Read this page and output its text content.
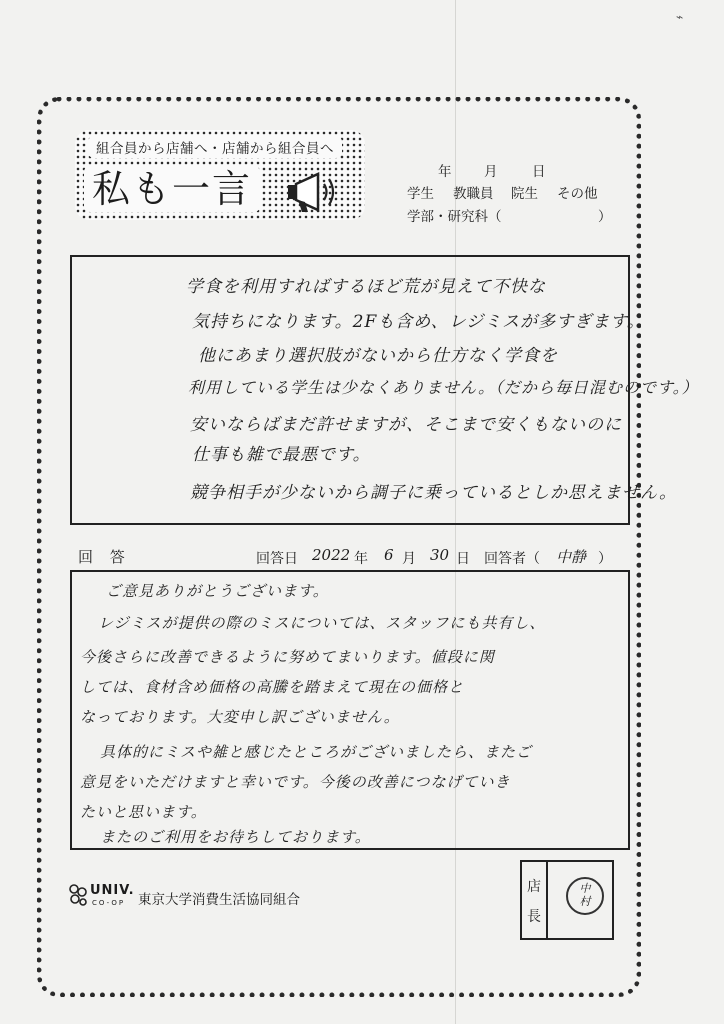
⌁
組合員から店舗へ・店舗から組合員へ
私も一言	年 月	日
学生 教職員 院生 その他
学部・研究科（	）
学食を利用すればするほど荒が見えて不快な
気持ちになります。2Fも含め、レジミスが多すぎます。
他にあまり選択肢がないから仕方なく学食を
利用している学生は少なくありません。（だから毎日混むのです。）
安いならばまだ許せますが、そこまで安くもないのに
仕事も雑で最悪です。
競争相手が少ないから調子に乗っているとしか思えません。
回 答	回答日 2022 年 6 月 30 日 回答者（ 中静 ）
ご意見ありがとうございます。
レジミスが提供の際のミスについては、スタッフにも共有し、
今後さらに改善できるように努めてまいります。値段に関
しては、食材含め価格の高騰を踏まえて現在の価格と
なっております。大変申し訳ございません。
具体的にミスや雑と感じたところがございましたら、またご
意見をいただけますと幸いです。今後の改善につなげていき
たいと思います。
またのご利用をお待ちしております。
UNIV.
CO-OP 東京大学消費生活協同組合
店
長
中
村
